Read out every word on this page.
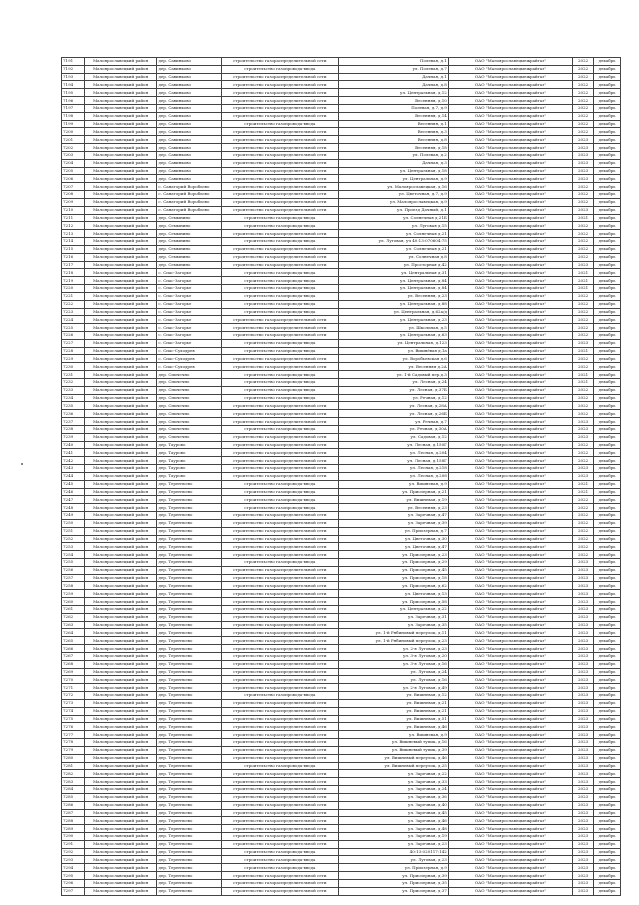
7191	Малоярославецкий район	дер. Савинково	строительство газораспределительной сети	Полевая, д.1	ОАО "Малоярославецмежрайгаз"	2022	декабрь
7192	Малоярославецкий район	дер. Савинково	строительство газопровода-ввода	ул. Полевая, д.7	ОАО "Малоярославецмежрайгаз"	2022	декабрь
7193	Малоярославецкий район	дер. Савинково	строительство газораспределительной сети	Дачная, д.1	ОАО "Малоярославецмежрайгаз"	2022	декабрь
7194	Малоярославецкий район	дер. Савинково	строительство газораспределительной сети	Дачная, д.8	ОАО "Малоярославецмежрайгаз"	2022	декабрь
7195	Малоярославецкий район	дер. Савинково	строительство газораспределительной сети	ул. Центральная, д.12	ОАО "Малоярославецмежрайгаз"	2022	декабрь
7196	Малоярославецкий район	дер. Савинково	строительство газораспределительной сети	Весенняя, д.10	ОАО "Малоярославецмежрайгаз"	2022	декабрь
7197	Малоярославецкий район	дер. Савинково	строительство газораспределительной сети	Полевая, д.7, д.9	ОАО "Малоярославецмежрайгаз"	2022	декабрь
7198	Малоярославецкий район	дер. Савинково	строительство газораспределительной сети	Весенняя, д.14	ОАО "Малоярославецмежрайгаз"	2022	декабрь
7199	Малоярославецкий район	дер. Савинково	строительство газопровода-ввода	Весенняя, д.1	ОАО "Малоярославецмежрайгаз"	2022	декабрь
7200	Малоярославецкий район	дер. Савинково	строительство газораспределительной сети	Весенняя, д.3	ОАО "Малоярославецмежрайгаз"	2022	декабрь
7201	Малоярославецкий район	дер. Савинково	строительство газораспределительной сети	Весенняя, д.8	ОАО "Малоярославецмежрайгаз"	2023	декабрь
7202	Малоярославецкий район	дер. Савинково	строительство газораспределительной сети	Весенняя, д.18	ОАО "Малоярославецмежрайгаз"	2023	декабрь
7203	Малоярославецкий район	дер. Савинково	строительство газораспределительной сети	ул. Полевая, д.2	ОАО "Малоярославецмежрайгаз"	2023	декабрь
7204	Малоярославецкий район	дер. Савинково	строительство газораспределительной сети	Дачная, д.3	ОАО "Малоярославецмежрайгаз"	2023	декабрь
7205	Малоярославецкий район	дер. Савинково	строительство газораспределительной сети	ул. Центральная, д.18	ОАО "Малоярославецмежрайгаз"	2023	декабрь
7206	Малоярославецкий район	дер. Савинково	строительство газораспределительной сети	ул. Центральная, д.9	ОАО "Малоярославецмежрайгаз"	2023	декабрь
7207	Малоярославецкий район	с. Санаторий Воробьево	строительство газораспределительной сети	ул. Малоярославецкая, д.16	ОАО "Малоярославецмежрайгаз"	2022	декабрь
7208	Малоярославецкий район	с. Санаторий Воробьево	строительство газораспределительной сети	ул. Цветочная, д.7, д.9	ОАО "Малоярославецмежрайгаз"	2022	декабрь
7209	Малоярославецкий район	с. Санаторий Воробьево	строительство газораспределительной сети	ул. Малоярославецкая, д.9	ОАО "Малоярославецмежрайгаз"	2022	декабрь
7210	Малоярославецкий район	с. Санаторий Воробьево	строительство газораспределительной сети	ул. Проезд Дачный, д.1	ОАО "Малоярославецмежрайгаз"	2023	декабрь
7211	Малоярославецкий район	дер. Семынино	строительство газопровода-ввода	ул. Солнечная д.21Б	ОАО "Малоярославецмежрайгаз"	2021	декабрь
7212	Малоярославецкий район	дер. Семынино	строительство газопровода-ввода	ул. Луговая д.15	ОАО "Малоярославецмежрайгаз"	2022	декабрь
7213	Малоярославецкий район	дер. Семынино	строительство газораспределительной сети	ул. Солнечная д.21	ОАО "Малоярославецмежрайгаз"	2022	декабрь
7214	Малоярославецкий район	дер. Семынино	строительство газопровода-ввода	ул. Луговая, уч 40:13:070604:75	ОАО "Малоярославецмежрайгаз"	2022	декабрь
7215	Малоярославецкий район	дер. Семынино	строительство газораспределительной сети	ул. Солнечная д.21	ОАО "Малоярославецмежрайгаз"	2022	декабрь
7216	Малоярославецкий район	дер. Семынино	строительство газораспределительной сети	ул. Солнечная д.8	ОАО "Малоярославецмежрайгаз"	2022	декабрь
7217	Малоярославецкий район	дер. Семынино	строительство газораспределительной сети	ул. Просторная д.42	ОАО "Малоярославецмежрайгаз"	2023	декабрь
7218	Малоярославецкий район	с. Спас-Загорье	строительство газопровода-ввода	ул. Центральная д.31	ОАО "Малоярославецмежрайгаз"	2021	декабрь
7219	Малоярославецкий район	с. Спас-Загорье	строительство газопровода-ввода	ул. Центральная, д.84	ОАО "Малоярославецмежрайгаз"	2021	декабрь
7220	Малоярославецкий район	с. Спас-Загорье	строительство газопровода-ввода	ул. Центральная, д.84	ОАО "Малоярославецмежрайгаз"	2021	декабрь
7221	Малоярославецкий район	с. Спас-Загорье	строительство газопровода-ввода	ул. Весенняя, д.23	ОАО "Малоярославецмежрайгаз"	2022	декабрь
7222	Малоярославецкий район	с. Спас-Загорье	строительство газопровода-ввода	ул. Центральная, д.88	ОАО "Малоярославецмежрайгаз"	2022	декабрь
7223	Малоярославецкий район	с. Спас-Загорье	строительство газопровода-ввода	ул. Центральная, д.62а/д	ОАО "Малоярославецмежрайгаз"	2022	декабрь
7224	Малоярославецкий район	с. Спас-Загорье	строительство газораспределительной сети	ул. Центральная, д.23	ОАО "Малоярославецмежрайгаз"	2022	декабрь
7225	Малоярославецкий район	с. Спас-Загорье	строительство газораспределительной сети	ул. Школьная, д.5	ОАО "Малоярославецмежрайгаз"	2022	декабрь
7226	Малоярославецкий район	с. Спас-Загорье	строительство газораспределительной сети	ул. Центральная, д.63	ОАО "Малоярославецмежрайгаз"	2022	декабрь
7227	Малоярославецкий район	с. Спас-Загорье	строительство газопровода-ввода	ул. Центральная, д.123	ОАО "Малоярославецмежрайгаз"	2023	декабрь
7228	Малоярославецкий район	с. Спас-Суходрев	строительство газопровода-ввода	ул. Вишнёвая д.1а	ОАО "Малоярославецмежрайгаз"	2021	декабрь
7229	Малоярославецкий район	с. Спас-Суходрев	строительство газораспределительной сети	ул. Воробьевская д.6	ОАО "Малоярославецмежрайгаз"	2022	декабрь
7230	Малоярославецкий район	с. Спас-Суходрев	строительство газораспределительной сети	ул. Весенняя д.2А	ОАО "Малоярославецмежрайгаз"	2022	декабрь
7231	Малоярославецкий район	дер. Спичечно	строительство газопровода-ввода	ул. 1-й Садовый пер.д.3	ОАО "Малоярославецмежрайгаз"	2021	декабрь
7232	Малоярославецкий район	дер. Спичечно	строительство газопровода-ввода	ул. Лесная, д.24	ОАО "Малоярославецмежрайгаз"	2021	декабрь
7233	Малоярославецкий район	дер. Спичечно	строительство газопровода-ввода	ул. Лесная, д.37Б	ОАО "Малоярославецмежрайгаз"	2022	декабрь
7234	Малоярославецкий район	дер. Спичечно	строительство газопровода-ввода	ул. Речная, д.12	ОАО "Малоярославецмежрайгаз"	2022	декабрь
7235	Малоярославецкий район	дер. Спичечно	строительство газораспределительной сети	ул. Лесная, д.28А	ОАО "Малоярославецмежрайгаз"	2022	декабрь
7236	Малоярославецкий район	дер. Спичечно	строительство газораспределительной сети	ул. Лесная, д.26Б	ОАО "Малоярославецмежрайгаз"	2022	декабрь
7237	Малоярославецкий район	дер. Спичечно	строительство газораспределительной сети	ул. Речная, д.7	ОАО "Малоярославецмежрайгаз"	2023	декабрь
7238	Малоярославецкий район	дер. Спичечно	строительство газопровода-ввода	ул. Речная, д.30А	ОАО "Малоярославецмежрайгаз"	2023	декабрь
7239	Малоярославецкий район	дер. Спичечно	строительство газораспределительной сети	ул. Садовая, д.12	ОАО "Малоярославецмежрайгаз"	2023	декабрь
7240	Малоярославецкий район	дер. Таурово	строительство газораспределительной сети	ул. Лесная, д.150Г	ОАО "Малоярославецмежрайгаз"	2022	декабрь
7241	Малоярославецкий район	дер. Таурово	строительство газораспределительной сети	ул. Лесная, д.204	ОАО "Малоярославецмежрайгаз"	2022	декабрь
7242	Малоярославецкий район	дер. Таурово	строительство газораспределительной сети	ул. Лесная, д.158Г	ОАО "Малоярославецмежрайгаз"	2022	декабрь
7243	Малоярославецкий район	дер. Таурово	строительство газораспределительной сети	ул. Лесная, д.218	ОАО "Малоярославецмежрайгаз"	2023	декабрь
7244	Малоярославецкий район	дер. Таурово	строительство газораспределительной сети	ул. Лесная, д.208	ОАО "Малоярославецмежрайгаз"	2023	декабрь
7245	Малоярославецкий район	дер. Терентьево	строительство газопровода-ввода	ул. Вишневая, д.9	ОАО "Малоярославецмежрайгаз"	2021	декабрь
7246	Малоярославецкий район	дер. Терентьево	строительство газопровода-ввода	ул. Приозерная, д.21	ОАО "Малоярославецмежрайгаз"	2021	декабрь
7247	Малоярославецкий район	дер. Терентьево	строительство газопровода-ввода	ул. Вишневая, д.19	ОАО "Малоярославецмежрайгаз"	2022	декабрь
7248	Малоярославецкий район	дер. Терентьево	строительство газопровода-ввода	ул. Весенняя, д.23	ОАО "Малоярославецмежрайгаз"	2022	декабрь
7249	Малоярославецкий район	дер. Терентьево	строительство газораспределительной сети	ул. Заречная, д.47	ОАО "Малоярославецмежрайгаз"	2022	декабрь
7250	Малоярославецкий район	дер. Терентьево	строительство газораспределительной сети	ул. Заречная, д.39	ОАО "Малоярославецмежрайгаз"	2022	декабрь
7251	Малоярославецкий район	дер. Терентьево	строительство газораспределительной сети	ул. Приозерная, д.7	ОАО "Малоярославецмежрайгаз"	2022	декабрь
7252	Малоярославецкий район	дер. Терентьево	строительство газораспределительной сети	ул. Цветочная, д.30	ОАО "Малоярославецмежрайгаз"	2022	декабрь
7253	Малоярославецкий район	дер. Терентьево	строительство газораспределительной сети	ул. Цветочная, д.47	ОАО "Малоярославецмежрайгаз"	2022	декабрь
7254	Малоярославецкий район	дер. Терентьево	строительство газораспределительной сети	ул. Приозерная, д.23	ОАО "Малоярославецмежрайгаз"	2022	декабрь
7255	Малоярославецкий район	дер. Терентьево	строительство газопровода-ввода	ул. Приозерная, д.29	ОАО "Малоярославецмежрайгаз"	2023	декабрь
7256	Малоярославецкий район	дер. Терентьево	строительство газораспределительной сети	ул. Приозерная, д.45	ОАО "Малоярославецмежрайгаз"	2023	декабрь
7257	Малоярославецкий район	дер. Терентьево	строительство газораспределительной сети	ул. Приозерная, д.18	ОАО "Малоярославецмежрайгаз"	2023	декабрь
7258	Малоярославецкий район	дер. Терентьево	строительство газораспределительной сети	ул. Приозерная, д.62	ОАО "Малоярославецмежрайгаз"	2023	декабрь
7259	Малоярославецкий район	дер. Терентьево	строительство газораспределительной сети	ул. Цветочная, д.13	ОАО "Малоярославецмежрайгаз"	2023	декабрь
7260	Малоярославецкий район	дер. Терентьево	строительство газораспределительной сети	ул. Приозерная, д.58	ОАО "Малоярославецмежрайгаз"	2023	декабрь
7261	Малоярославецкий район	дер. Терентьево	строительство газораспределительной сети	ул. Центральная, д.22	ОАО "Малоярославецмежрайгаз"	2023	декабрь
7262	Малоярославецкий район	дер. Терентьево	строительство газораспределительной сети	ул. Заречная, д.31	ОАО "Малоярославецмежрайгаз"	2023	декабрь
7263	Малоярославецкий район	дер. Терентьево	строительство газораспределительной сети	ул. Заречная, д.35	ОАО "Малоярославецмежрайгаз"	2023	декабрь
7264	Малоярославецкий район	дер. Терентьево	строительство газораспределительной сети	ул. 1-й Рябиновый переулок, д.11	ОАО "Малоярославецмежрайгаз"	2023	декабрь
7265	Малоярославецкий район	дер. Терентьево	строительство газораспределительной сети	ул. 1-й Рябиновый переулок, д.23	ОАО "Малоярославецмежрайгаз"	2023	декабрь
7266	Малоярославецкий район	дер. Терентьево	строительство газораспределительной сети	ул. 2-я Луговая, д.23	ОАО "Малоярославецмежрайгаз"	2023	декабрь
7267	Малоярославецкий район	дер. Терентьево	строительство газораспределительной сети	ул. 3-я Луговая, д.20	ОАО "Малоярославецмежрайгаз"	2023	декабрь
7268	Малоярославецкий район	дер. Терентьево	строительство газораспределительной сети	ул. 3-я Луговая, д.16	ОАО "Малоярославецмежрайгаз"	2023	декабрь
7269	Малоярославецкий район	дер. Терентьево	строительство газораспределительной сети	ул. Луговая, д.24	ОАО "Малоярославецмежрайгаз"	2023	декабрь
7270	Малоярославецкий район	дер. Терентьево	строительство газораспределительной сети	ул. Луговая, д.16	ОАО "Малоярославецмежрайгаз"	2023	декабрь
7271	Малоярославецкий район	дер. Терентьево	строительство газораспределительной сети	ул. 2-я Луговая, д.49	ОАО "Малоярославецмежрайгаз"	2023	декабрь
7272	Малоярославецкий район	дер. Терентьево	строительство газопровода-ввода	ул. Вишневая, д.12	ОАО "Малоярославецмежрайгаз"	2023	декабрь
7273	Малоярославецкий район	дер. Терентьево	строительство газораспределительной сети	ул. Вишневая, д.21	ОАО "Малоярославецмежрайгаз"	2023	декабрь
7274	Малоярославецкий район	дер. Терентьево	строительство газораспределительной сети	ул. Вишневая, д.21	ОАО "Малоярославецмежрайгаз"	2023	декабрь
7275	Малоярославецкий район	дер. Терентьево	строительство газораспределительной сети	ул. Вишневая, д.51	ОАО "Малоярославецмежрайгаз"	2023	декабрь
7276	Малоярославецкий район	дер. Терентьево	строительство газораспределительной сети	ул. Вишневая, д.46	ОАО "Малоярославецмежрайгаз"	2023	декабрь
7277	Малоярославецкий район	дер. Терентьево	строительство газораспределительной сети	ул. Вишневая, д.9	ОАО "Малоярославецмежрайгаз"	2023	декабрь
7278	Малоярославецкий район	дер. Терентьево	строительство газораспределительной сети	ул. Вишневый тупик, д.16	ОАО "Малоярославецмежрайгаз"	2023	декабрь
7279	Малоярославецкий район	дер. Терентьево	строительство газораспределительной сети	ул. Вишневый тупик, д.39	ОАО "Малоярославецмежрайгаз"	2023	декабрь
7280	Малоярославецкий район	дер. Терентьево	строительство газораспределительной сети	ул. Вишневый переулок, д.46	ОАО "Малоярославецмежрайгаз"	2023	декабрь
7281	Малоярославецкий район	дер. Терентьево	строительство газопровода-ввода	ул. Вишневый переулок, д.25	ОАО "Малоярославецмежрайгаз"	2023	декабрь
7282	Малоярославецкий район	дер. Терентьево	строительство газораспределительной сети	ул. Заречная, д.22	ОАО "Малоярославецмежрайгаз"	2023	декабрь
7283	Малоярославецкий район	дер. Терентьево	строительство газораспределительной сети	ул. Заречная, д.33	ОАО "Малоярославецмежрайгаз"	2023	декабрь
7284	Малоярославецкий район	дер. Терентьево	строительство газораспределительной сети	ул. Заречная, д.24	ОАО "Малоярославецмежрайгаз"	2023	декабрь
7285	Малоярославецкий район	дер. Терентьево	строительство газораспределительной сети	ул. Заречная, д.36	ОАО "Малоярославецмежрайгаз"	2023	декабрь
7286	Малоярославецкий район	дер. Терентьево	строительство газораспределительной сети	ул. Заречная, д.40	ОАО "Малоярославецмежрайгаз"	2023	декабрь
7287	Малоярославецкий район	дер. Терентьево	строительство газораспределительной сети	ул. Заречная, д.45	ОАО "Малоярославецмежрайгаз"	2023	декабрь
7288	Малоярославецкий район	дер. Терентьево	строительство газораспределительной сети	ул. Заречная, д.46	ОАО "Малоярославецмежрайгаз"	2023	декабрь
7289	Малоярославецкий район	дер. Терентьево	строительство газораспределительной сети	ул. Заречная, д.48	ОАО "Малоярославецмежрайгаз"	2023	декабрь
7290	Малоярославецкий район	дер. Терентьево	строительство газораспределительной сети	ул. Заречная, д.19	ОАО "Малоярославецмежрайгаз"	2023	декабрь
7291	Малоярославецкий район	дер. Терентьево	строительство газораспределительной сети	ул. Заречная, д.23	ОАО "Малоярославецмежрайгаз"	2023	декабрь
7292	Малоярославецкий район	дер. Терентьево	строительство газопровода-ввода	40:13:020117:142	ОАО "Малоярославецмежрайгаз"	2023	декабрь
7293	Малоярославецкий район	дер. Терентьево	строительство газопровода-ввода	ул. Луговая, д.23	ОАО "Малоярославецмежрайгаз"	2023	декабрь
7294	Малоярославецкий район	дер. Терентьево	строительство газопровода-ввода	ул. Приозерная, д.9	ОАО "Малоярославецмежрайгаз"	2023	декабрь
7295	Малоярославецкий район	дер. Терентьево	строительство газораспределительной сети	ул. Приозерная, д.39	ОАО "Малоярославецмежрайгаз"	2023	декабрь
7296	Малоярославецкий район	дер. Терентьево	строительство газораспределительной сети	ул. Приозерная, д.35	ОАО "Малоярославецмежрайгаз"	2023	декабрь
7297	Малоярославецкий район	дер. Терентьево	строительство газораспределительной сети	ул. Приозерная, д.37	ОАО "Малоярославецмежрайгаз"	2023	декабрь
